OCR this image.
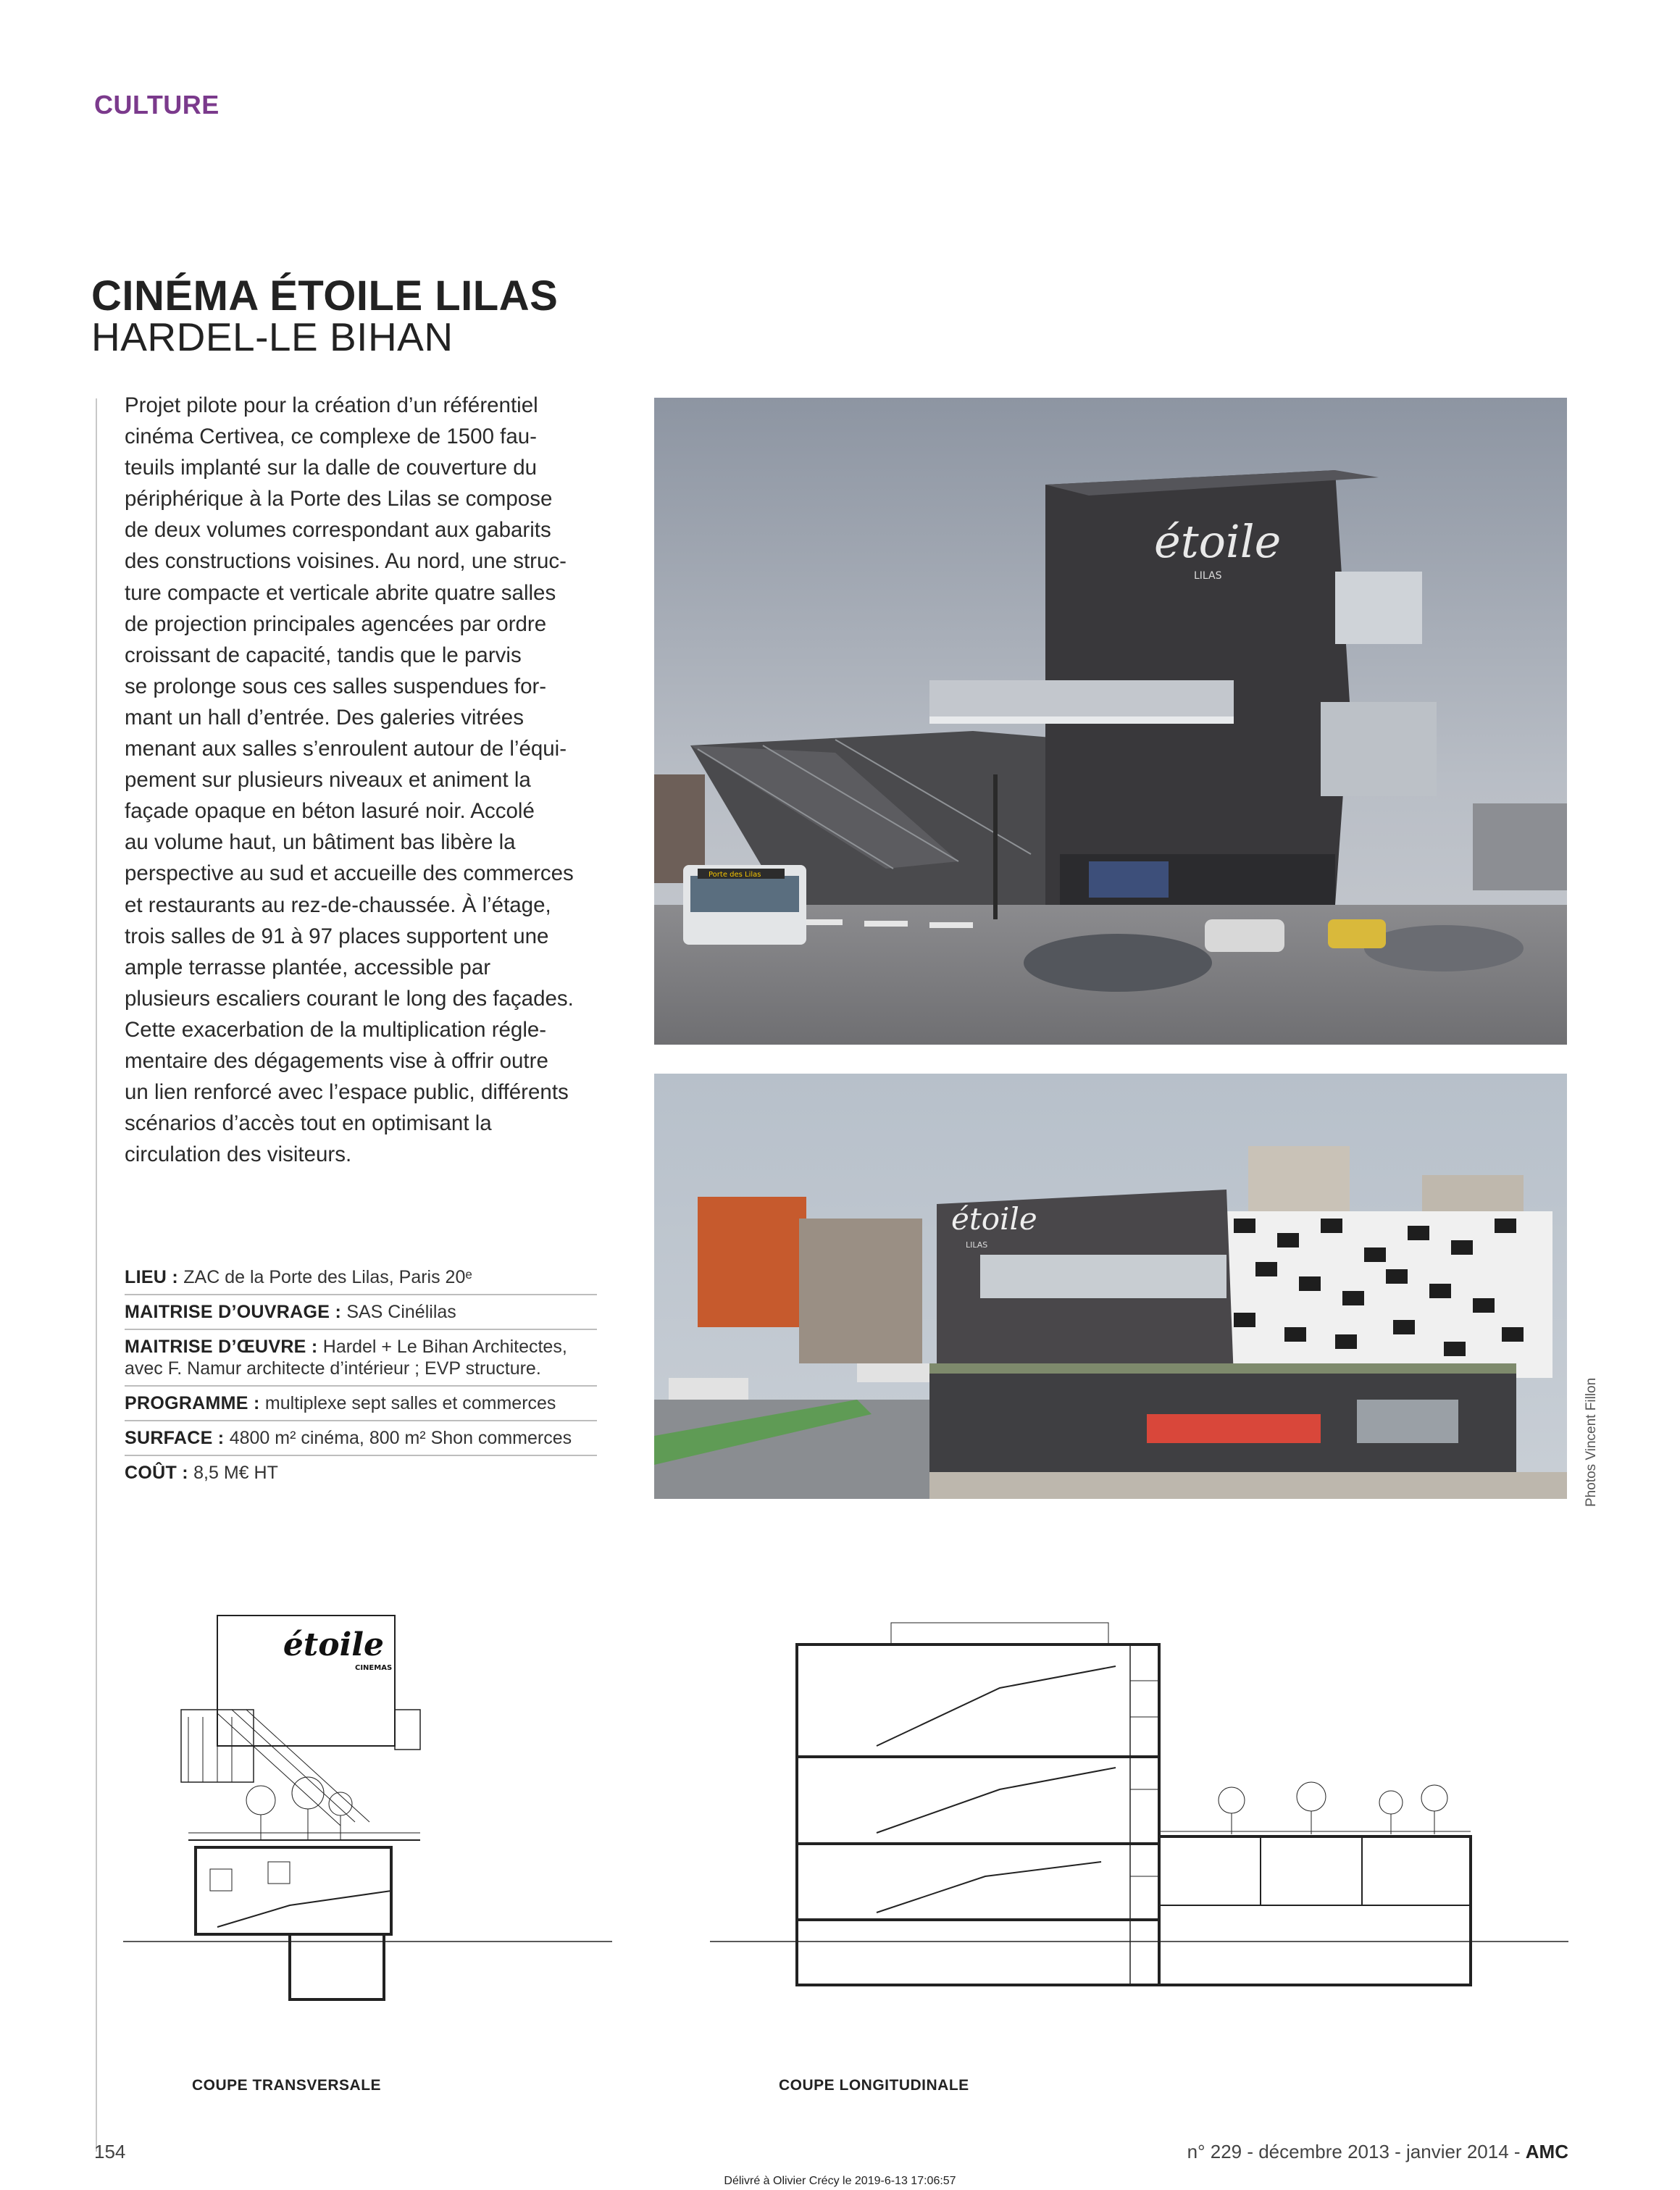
CULTURE
CINÉMA ÉTOILE LILAS
HARDEL-LE BIHAN

Projet pilote pour la création d’un référentiel

cinéma Certivea, ce complexe de 1500 fau-

teuils implanté sur la dalle de couverture du

périphérique à la Porte des Lilas se compose

de deux volumes correspondant aux gabarits

des constructions voisines. Au nord, une struc-

ture compacte et verticale abrite quatre salles

de projection principales agencées par ordre

croissant de capacité, tandis que le parvis

se prolonge sous ces salles suspendues for-

mant un hall d’entrée. Des galeries vitrées

menant aux salles s’enroulent autour de l’équi-

pement sur plusieurs niveaux et animent la

façade opaque en béton lasuré noir. Accolé

au volume haut, un bâtiment bas libère la

perspective au sud et accueille des commerces

et restaurants au rez-de-chaussée. À l’étage,

trois salles de 91 à 97 places supportent une

ample terrasse plantée, accessible par

plusieurs escaliers courant le long des façades.

Cette exacerbation de la multiplication régle-

mentaire des dégagements vise à offrir outre

un lien renforcé avec l’espace public, différents

scénarios d’accès tout en optimisant la

circulation des visiteurs.

LIEU : ZAC de la Porte des Lilas, Paris 20ᵉ
MAITRISE D’OUVRAGE : SAS Cinélilas
MAITRISE D’ŒUVRE : Hardel + Le Bihan Architectes,
avec F. Namur architecte d’intérieur ; EVP structure.
PROGRAMME : multiplexe sept salles et commerces
SURFACE : 4800 m² cinéma, 800 m² Shon commerces
COÛT : 8,5 M€ HT
étoile
LILAS
Porte des Lilas
étoile
LILAS
Photos Vincent Fillon
étoile
CINEMAS
COUPE TRANSVERSALE	COUPE LONGITUDINALE
154	n° 229 - décembre 2013 - janvier 2014 - AMC
Délivré à Olivier Crécy le 2019-6-13 17:06:57
